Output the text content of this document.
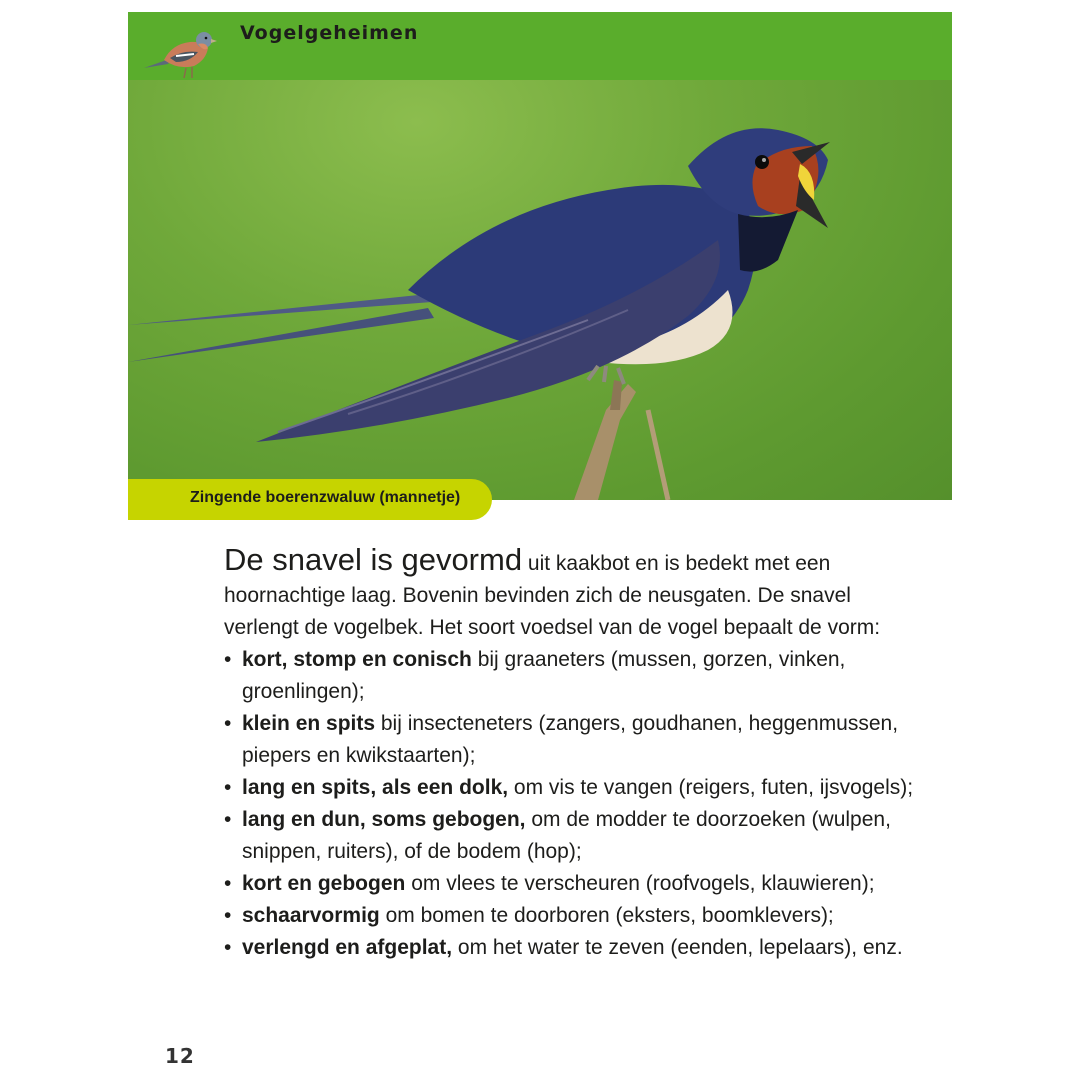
Vogelgeheimen
Zingende boerenzwaluw (mannetje)
De snavel is gevormd uit kaakbot en is bedekt met een hoornachtige laag. Bovenin bevinden zich de neusgaten. De snavel verlengt de vogelbek. Het soort voedsel van de vogel bepaalt de vorm:
• kort, stomp en conisch bij graaneters (mussen, gorzen, vinken, groenlingen);
• klein en spits bij insecteneters (zangers, goudhanen, heggenmussen, piepers en kwikstaarten);
• lang en spits, als een dolk, om vis te vangen (reigers, futen, ijsvogels);
• lang en dun, soms gebogen, om de modder te doorzoeken (wulpen, snippen, ruiters), of de bodem (hop);
• kort en gebogen om vlees te verscheuren (roofvogels, klauwieren);
• schaarvormig om bomen te doorboren (eksters, boomklevers);
• verlengd en afgeplat, om het water te zeven (eenden, lepelaars), enz.
12
